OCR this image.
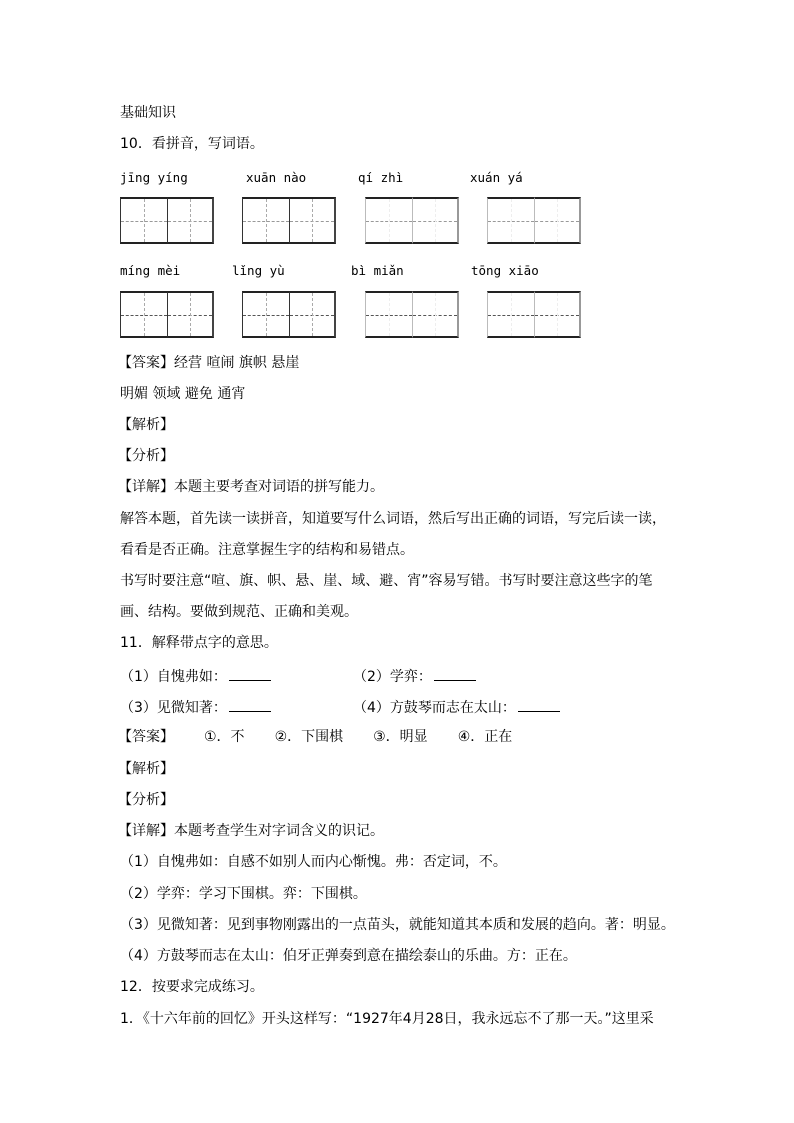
基础知识
10．看拼音，写词语。
jīng yíng	xuān nào	qí zhì	xuán yá
míng mèi	lǐng yù	bì miǎn	tōng xiāo
【答案】经营 喧闹 旗帜 悬崖
明媚 领域 避免 通宵
【解析】
【分析】
【详解】本题主要考查对词语的拼写能力。
解答本题，首先读一读拼音，知道要写什么词语，然后写出正确的词语，写完后读一读，
看看是否正确。注意掌握生字的结构和易错点。
书写时要注意“喧、旗、帜、悬、崖、域、避、宵”容易写错。书写时要注意这些字的笔
画、结构。要做到规范、正确和美观。
11．解释带点字的意思。
（1）自愧弗如：	（2）学弈：
（3）见微知著：	（4）方鼓琴而志在太山：
【答案】 ①．不 ②．下围棋 ③．明显 ④．正在
【解析】
【分析】
【详解】本题考查学生对字词含义的识记。
（1）自愧弗如：自感不如别人而内心惭愧。弗：否定词，不。
（2）学弈：学习下围棋。弈：下围棋。
（3）见微知著：见到事物刚露出的一点苗头，就能知道其本质和发展的趋向。著：明显。
（4）方鼓琴而志在太山：伯牙正弹奏到意在描绘泰山的乐曲。方：正在。
12．按要求完成练习。
1．《十六年前的回忆》开头这样写：“1927年4月28日，我永远忘不了那一天。”这里采
